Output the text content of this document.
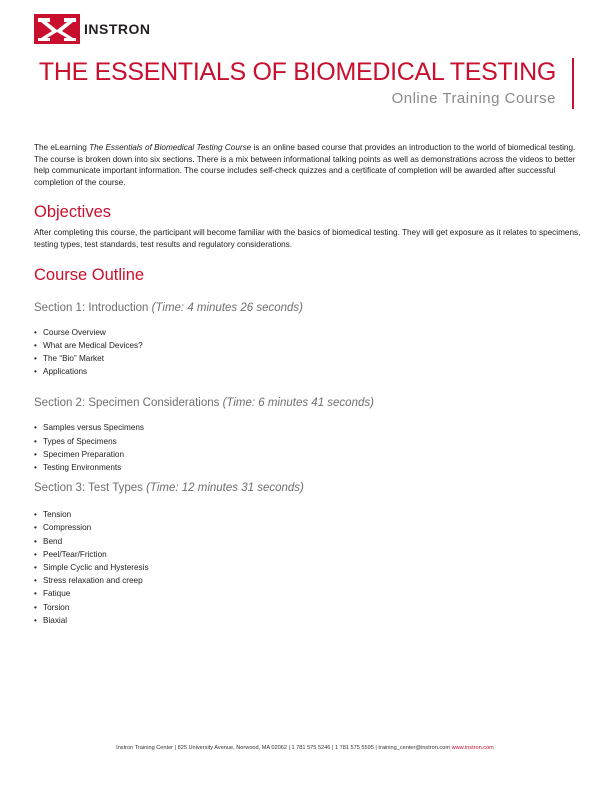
INSTRON
THE ESSENTIALS OF BIOMEDICAL TESTING
Online Training Course

The eLearning The Essentials of Biomedical Testing Course is an online based course that provides an introduction to the world of biomedical testing. The course is broken down into six sections. There is a mix between informational talking points as well as demonstrations across the videos to better help communicate important information. The course includes self-check quizzes and a certificate of completion will be awarded after successful completion of the course.

Objectives

After completing this course, the participant will become familiar with the basics of biomedical testing. They will get exposure as it relates to specimens, testing types, test standards, test results and regulatory considerations.

Course Outline
Section 1: Introduction (Time: 4 minutes 26 seconds)
• Course Overview
• What are Medical Devices?
• The “Bio” Market
• Applications
Section 2: Specimen Considerations (Time: 6 minutes 41 seconds)
• Samples versus Specimens
• Types of Specimens
• Specimen Preparation
• Testing Environments
Section 3: Test Types (Time: 12 minutes 31 seconds)
• Tension
• Compression
• Bend
• Peel/Tear/Friction
• Simple Cyclic and Hysteresis
• Stress relaxation and creep
• Fatique
• Torsion
• Biaxial
Instron Training Center | 825 University Avenue, Norwood, MA 02062 | 1 781 575 5246 | 1 781 575 5595 | training_center@instron.com www.instron.com
